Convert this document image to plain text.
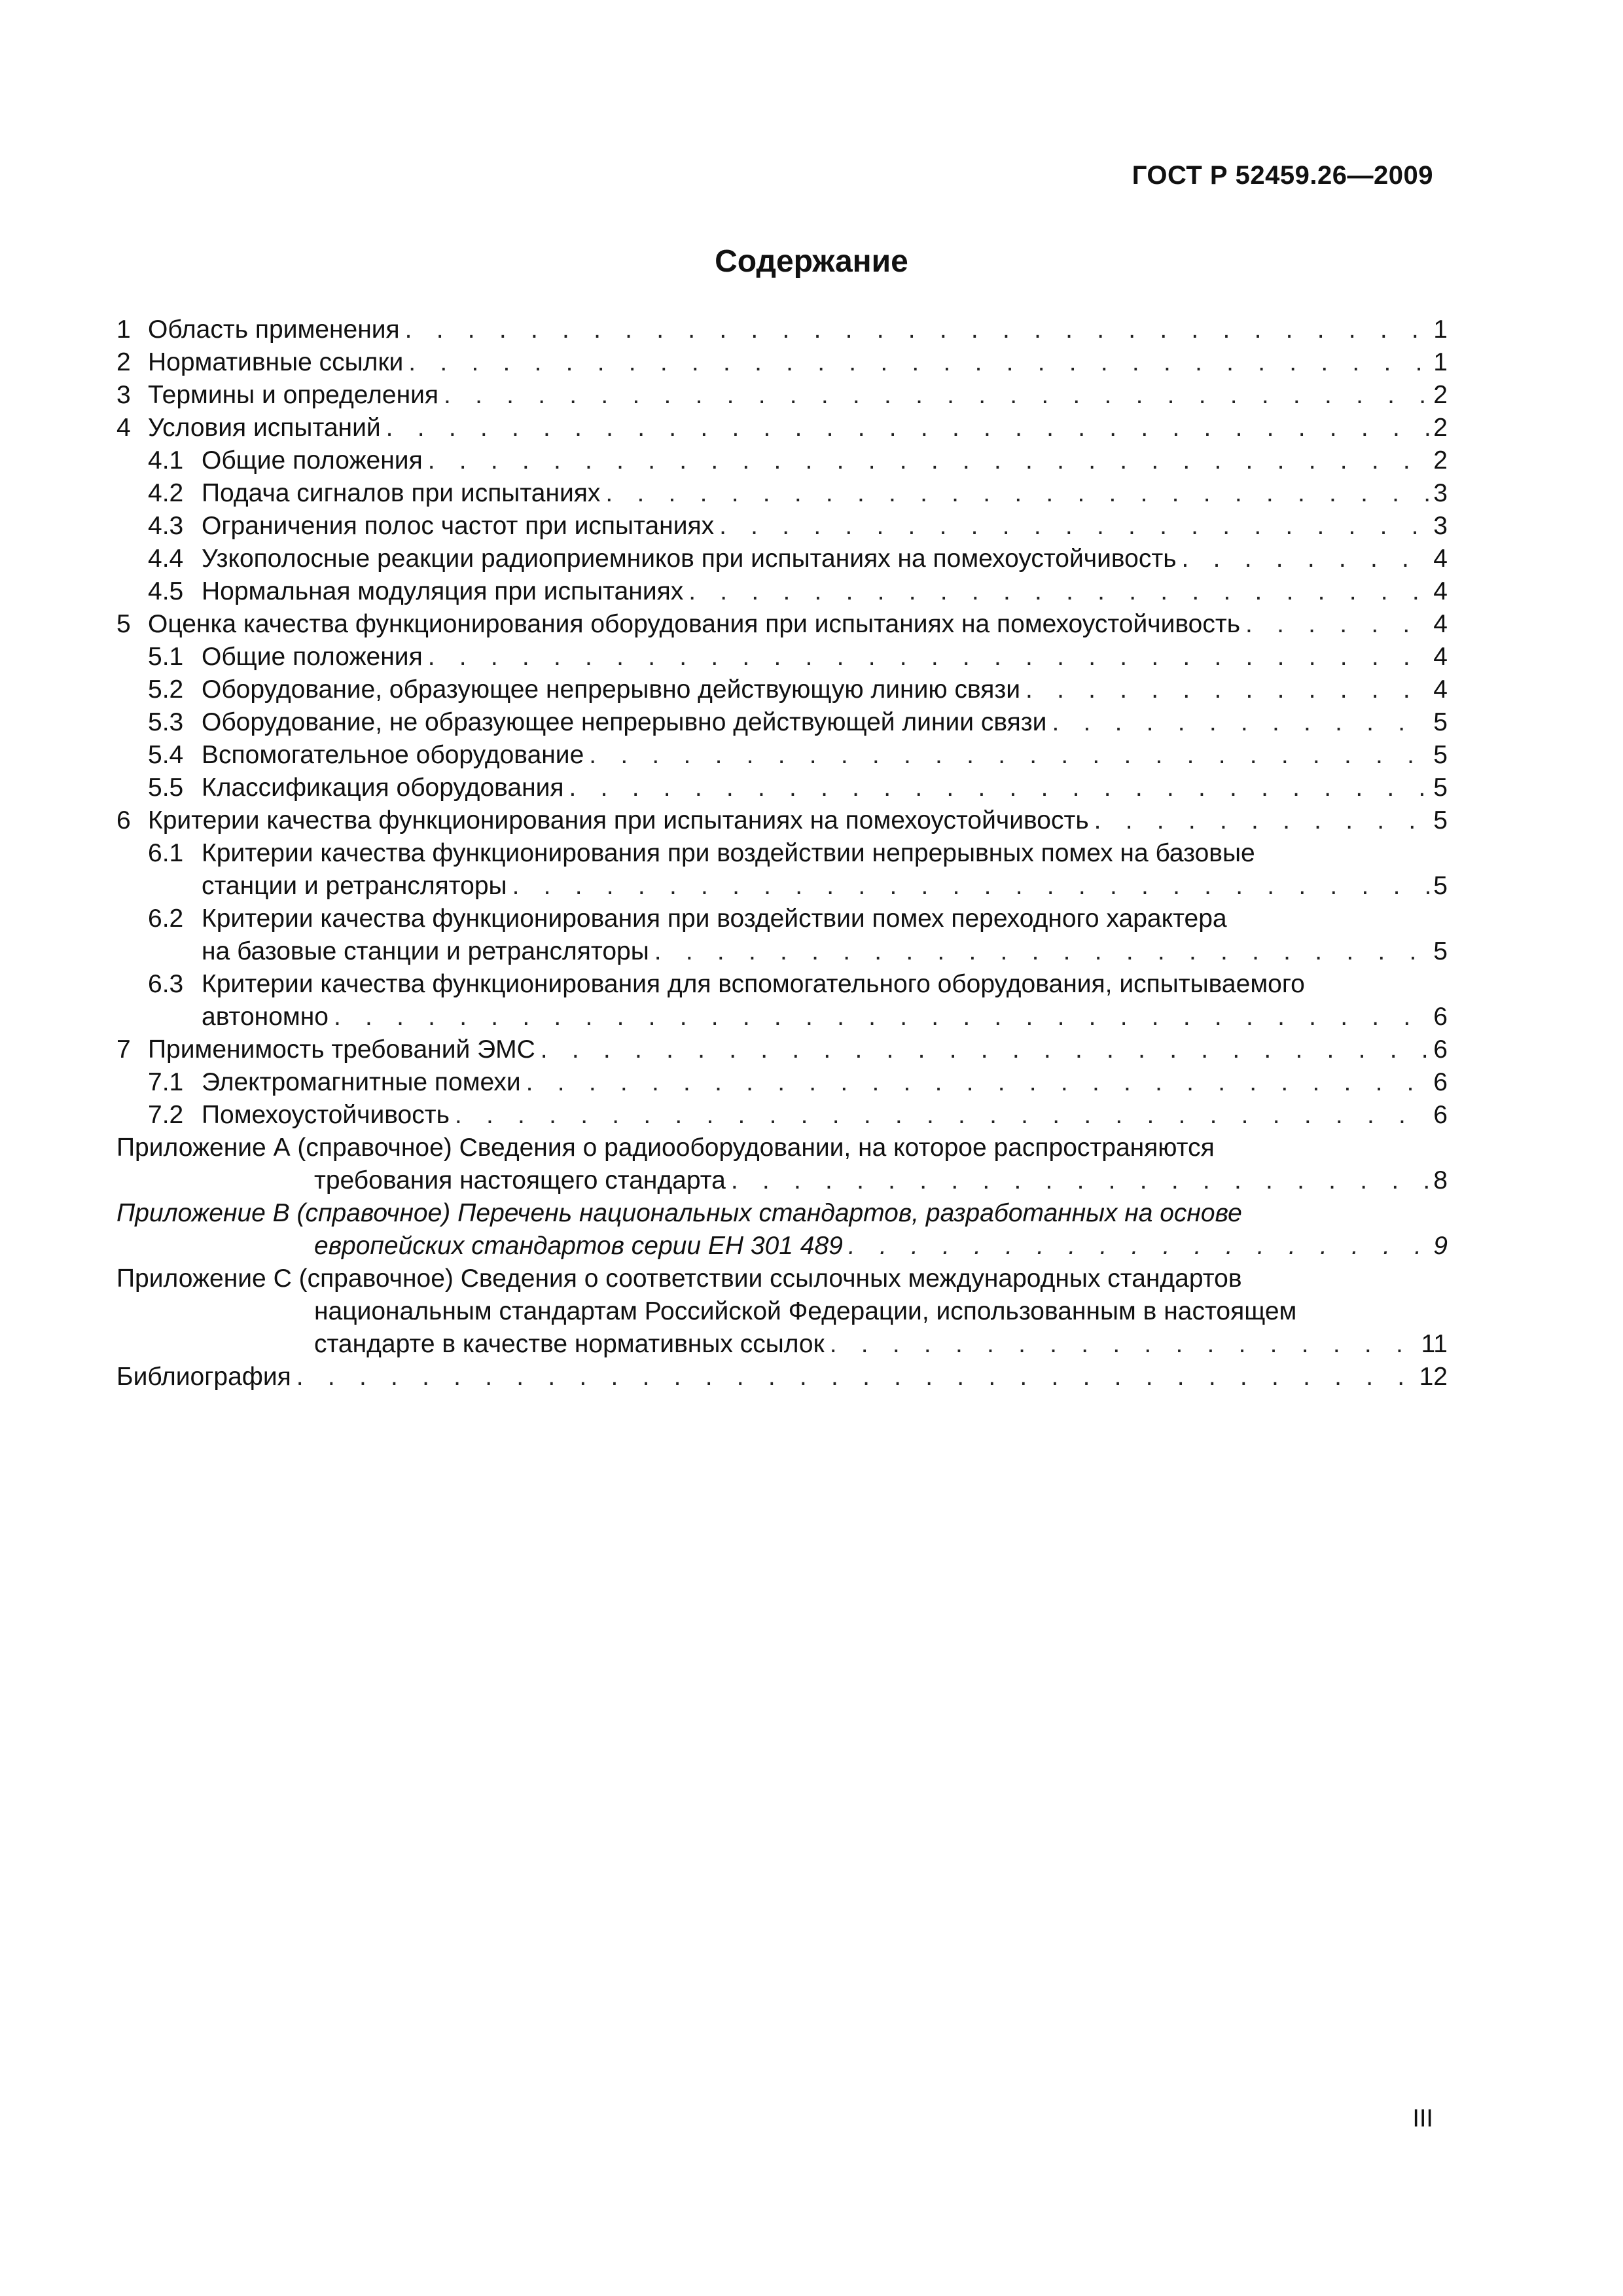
ГОСТ Р 52459.26—2009
Содержание
1 Область применения . . .	1
2 Нормативные ссылки . . .	1
3 Термины и определения . . .	2
4 Условия испытаний . . .	2
4.1 Общие положения . . .	2
4.2 Подача сигналов при испытаниях . . .	3
4.3 Ограничения полос частот при испытаниях . . .	3
4.4 Узкополосные реакции радиоприемников при испытаниях на помехоустойчивость . . .	4
4.5 Нормальная модуляция при испытаниях . . .	4
5 Оценка качества функционирования оборудования при испытаниях на помехоустойчивость . . .	4
5.1 Общие положения . . .	4
5.2 Оборудование, образующее непрерывно действующую линию связи . . .	4
5.3 Оборудование, не образующее непрерывно действующей линии связи . . .	5
5.4 Вспомогательное оборудование . . .	5
5.5 Классификация оборудования . . .	5
6 Критерии качества функционирования при испытаниях на помехоустойчивость . . .	5
6.1 Критерии качества функционирования при воздействии непрерывных помех на базовые
станции и ретрансляторы . . .	5
6.2 Критерии качества функционирования при воздействии помех переходного характера
на базовые станции и ретрансляторы . . .	5
6.3 Критерии качества функционирования для вспомогательного оборудования, испытываемого
автономно . . .	6
7 Применимость требований ЭМС . . .	6
7.1 Электромагнитные помехи . . .	6
7.2 Помехоустойчивость . . .	6
Приложение А (справочное) Сведения о радиооборудовании, на которое распространяются
требования настоящего стандарта . . .	8
Приложение В (справочное) Перечень национальных стандартов, разработанных на основе
европейских стандартов серии ЕН 301 489 . . .	9
Приложение С (справочное) Сведения о соответствии ссылочных международных стандартов
национальным стандартам Российской Федерации, использованным в настоящем
стандарте в качестве нормативных ссылок . . .	11
Библиография . . .	12
III
